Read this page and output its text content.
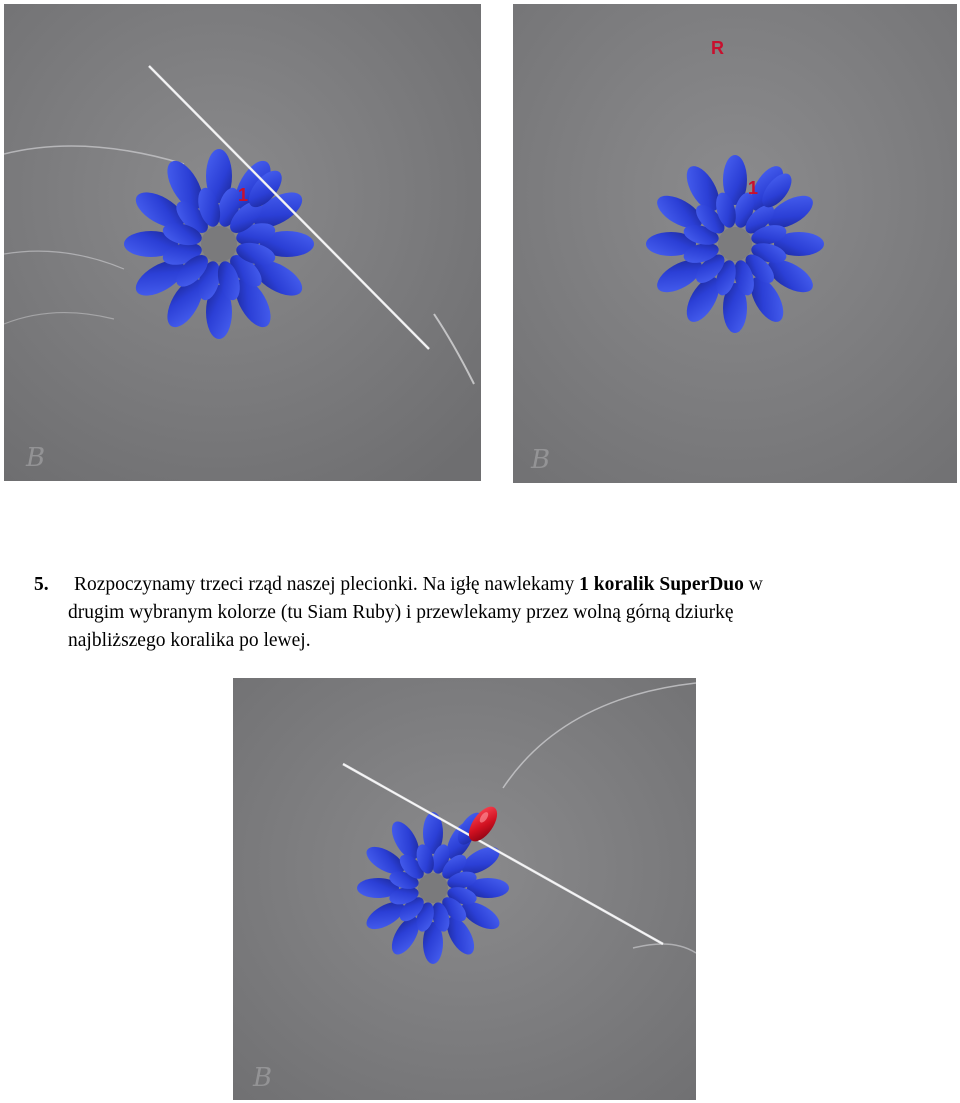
1
B
R
1
B
5. Rozpoczynamy trzeci rząd naszej plecionki. Na igłę nawlekamy 1 koralik SuperDuo w
drugim wybranym kolorze (tu Siam Ruby) i przewlekamy przez wolną górną dziurkę
najbliższego koralika po lewej.
B
